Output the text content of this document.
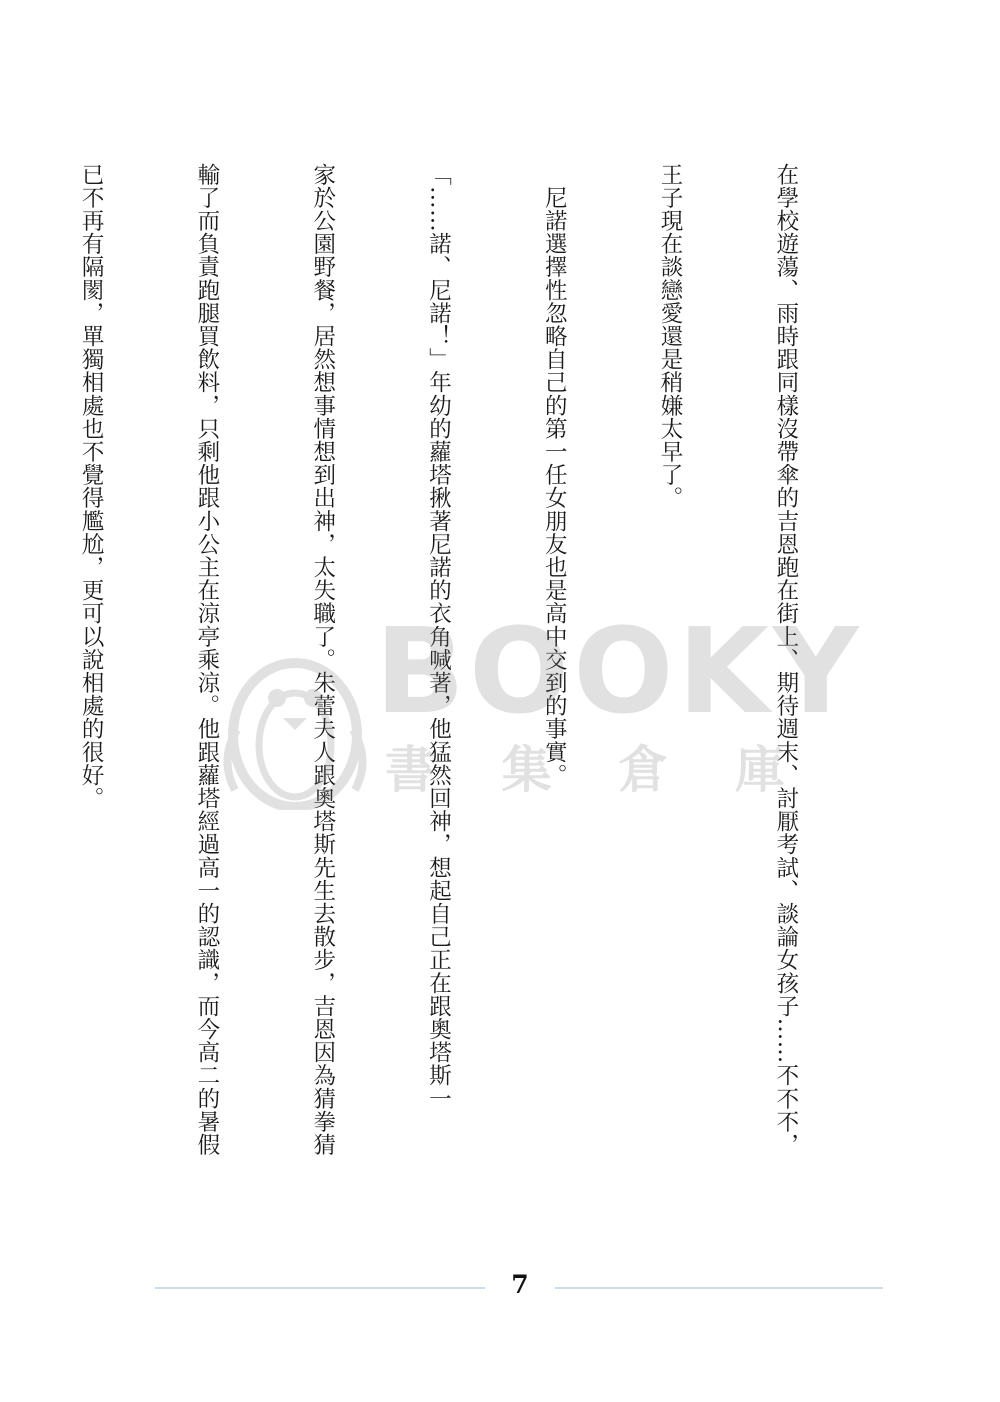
在學校遊蕩、雨時跟同樣沒帶傘的吉恩跑在街上、期待週末、討厭考試、談論女孩子……不不不，

王子現在談戀愛還是稍嫌太早了。

　尼諾選擇性忽略自己的第一任女朋友也是高中交到的事實。

「……諾、尼諾！」年幼的蘿塔揪著尼諾的衣角喊著，他猛然回神，想起自己正在跟奧塔斯一

家於公園野餐，居然想事情想到出神，太失職了。朱蕾夫人跟奧塔斯先生去散步，吉恩因為猜拳猜

輸了而負責跑腿買飲料，只剩他跟小公主在涼亭乘涼。他跟蘿塔經過高一的認識，而今高二的暑假

已不再有隔閡，單獨相處也不覺得尷尬，更可以說相處的很好。

BOOKY
書 集 倉 庫
7
